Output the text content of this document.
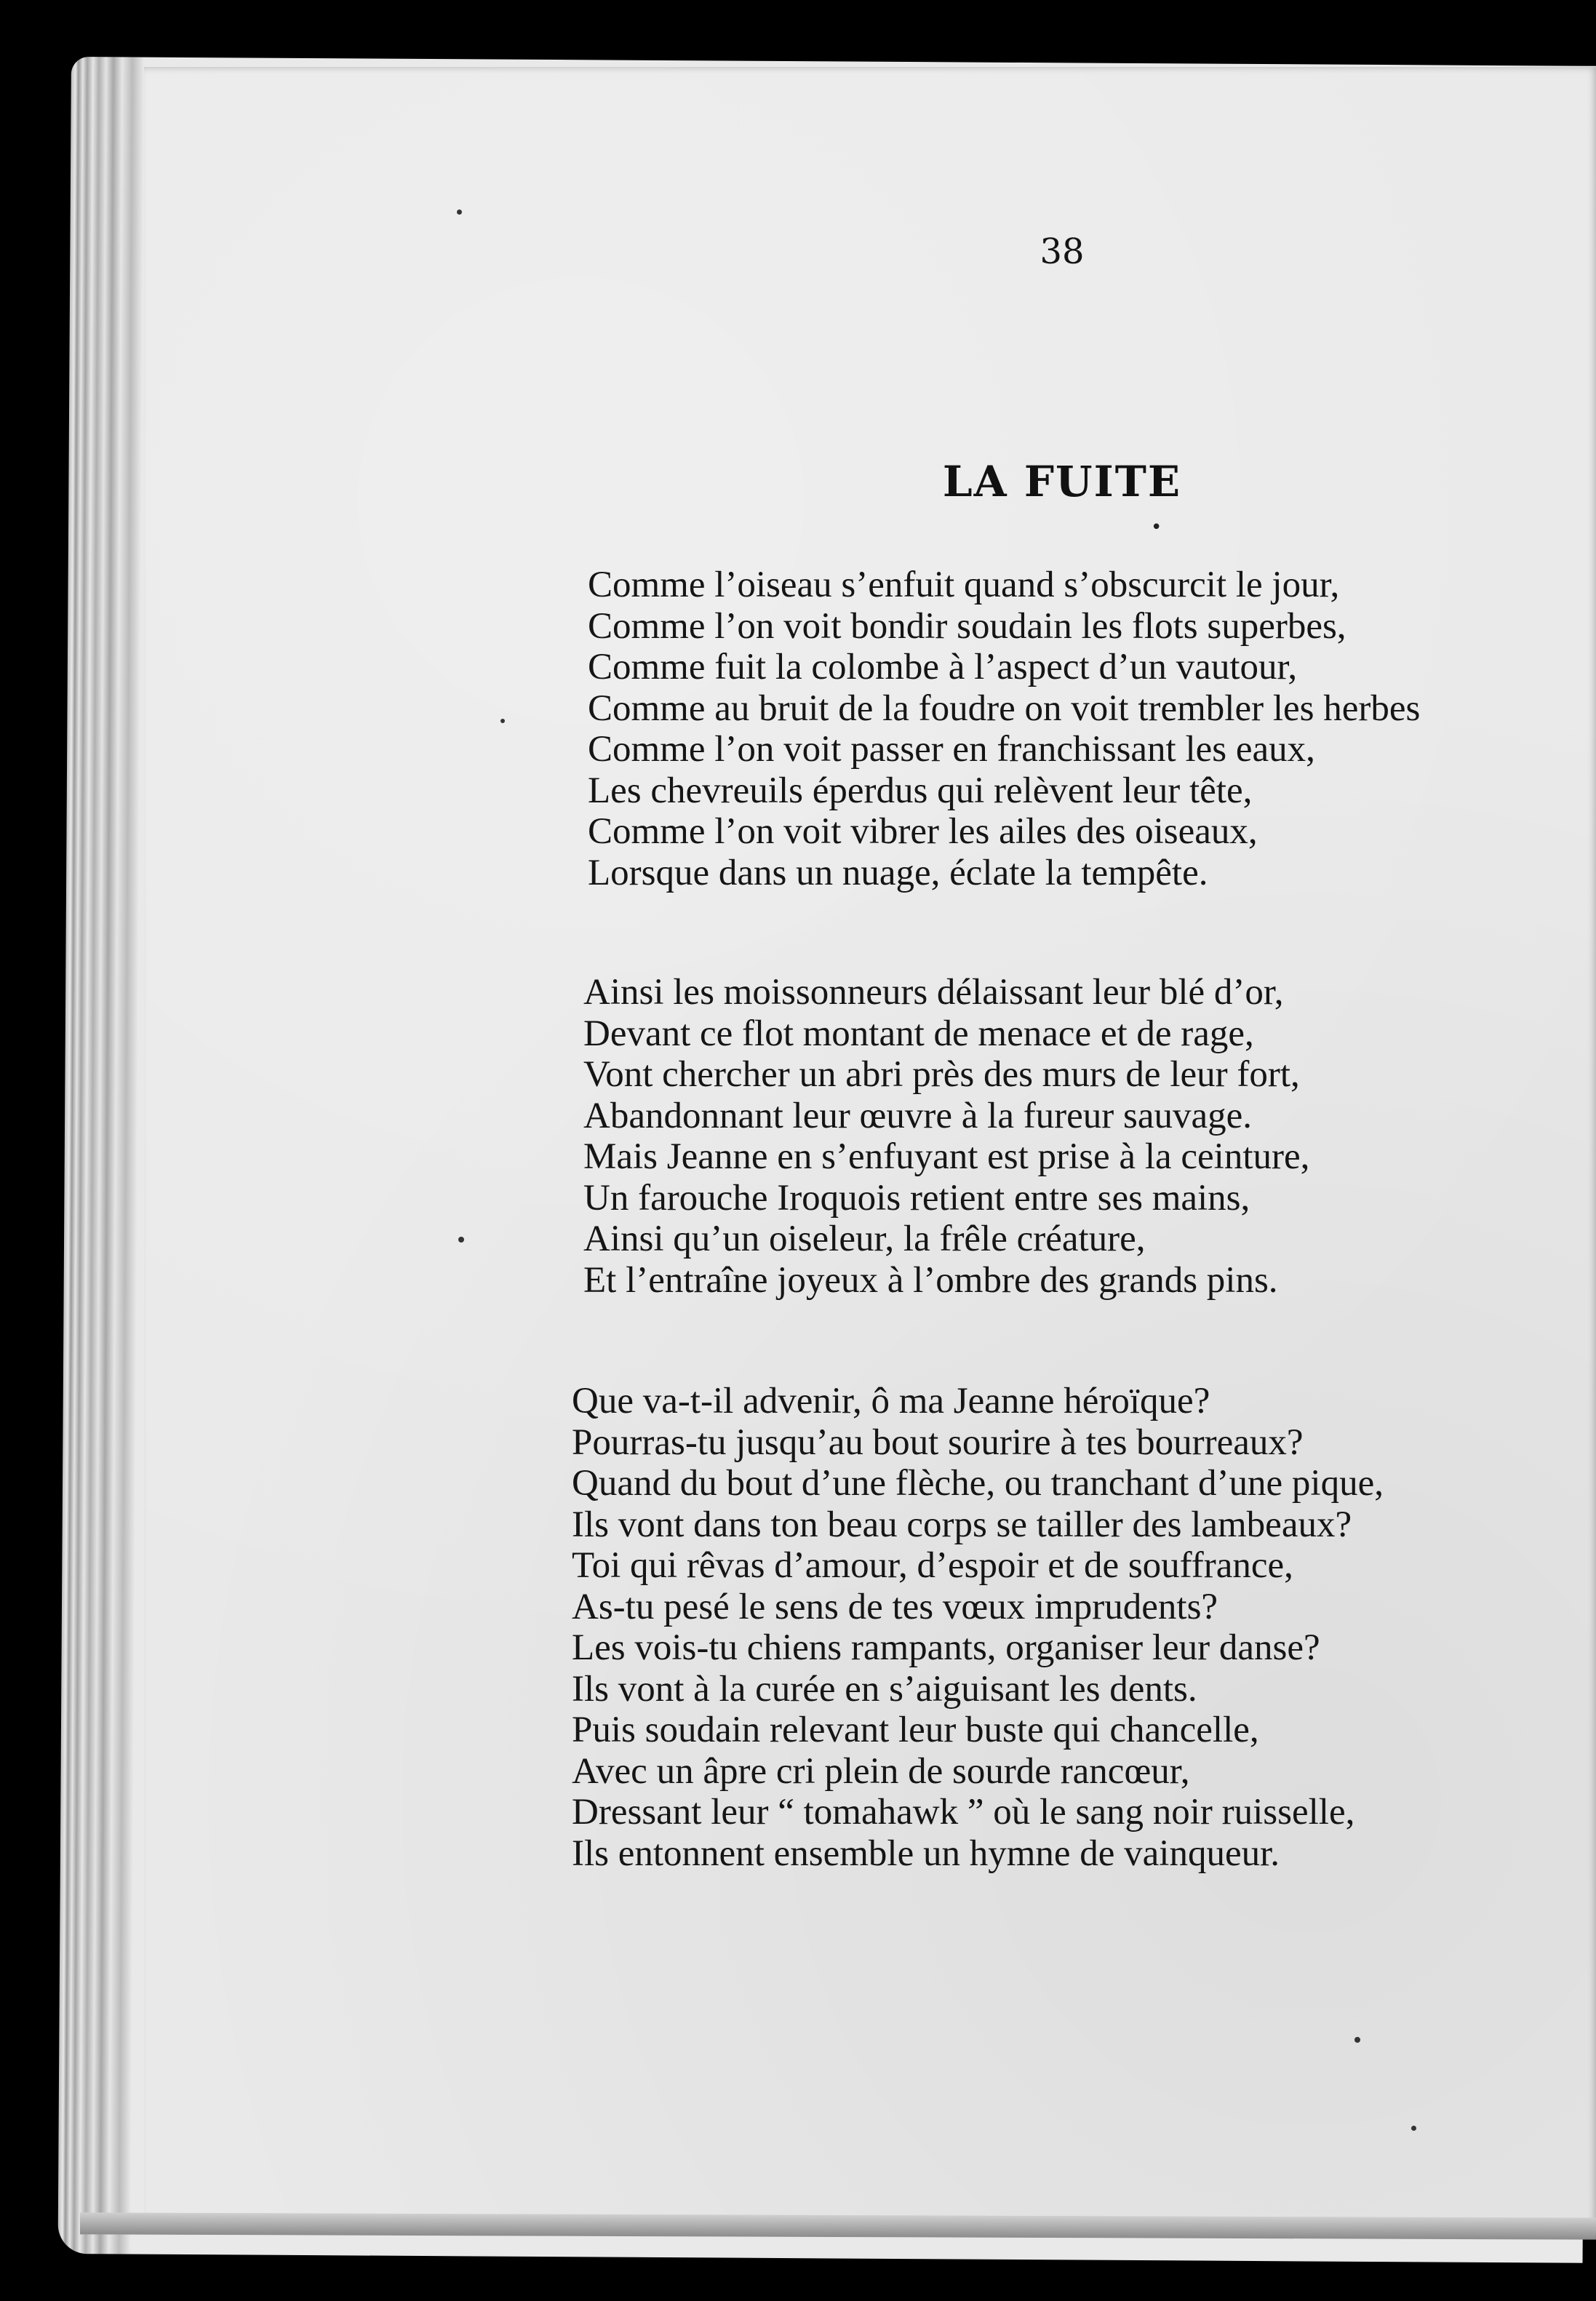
38

LA FUITE
•
Comme l’oiseau s’enfuit quand s’obscurcit le jour,
Comme l’on voit bondir soudain les flots superbes,
Comme fuit la colombe à l’aspect d’un vautour,
Comme au bruit de la foudre on voit trembler les herbes
Comme l’on voit passer en franchissant les eaux,
Les chevreuils éperdus qui relèvent leur tête,
Comme l’on voit vibrer les ailes des oiseaux,
Lorsque dans un nuage, éclate la tempête.
Ainsi les moissonneurs délaissant leur blé d’or,
Devant ce flot montant de menace et de rage,
Vont chercher un abri près des murs de leur fort,
Abandonnant leur œuvre à la fureur sauvage.
Mais Jeanne en s’enfuyant est prise à la ceinture,
Un farouche Iroquois retient entre ses mains,
Ainsi qu’un oiseleur, la frêle créature,
Et l’entraîne joyeux à l’ombre des grands pins.
Que va-t-il advenir, ô ma Jeanne héroïque?
Pourras-tu jusqu’au bout sourire à tes bourreaux?
Quand du bout d’une flèche, ou tranchant d’une pique,
Ils vont dans ton beau corps se tailler des lambeaux?
Toi qui rêvas d’amour, d’espoir et de souffrance,
As-tu pesé le sens de tes vœux imprudents?
Les vois-tu chiens rampants, organiser leur danse?
Ils vont à la curée en s’aiguisant les dents.
Puis soudain relevant leur buste qui chancelle,
Avec un âpre cri plein de sourde rancœur,
Dressant leur “ tomahawk ” où le sang noir ruisselle,
Ils entonnent ensemble un hymne de vainqueur.
